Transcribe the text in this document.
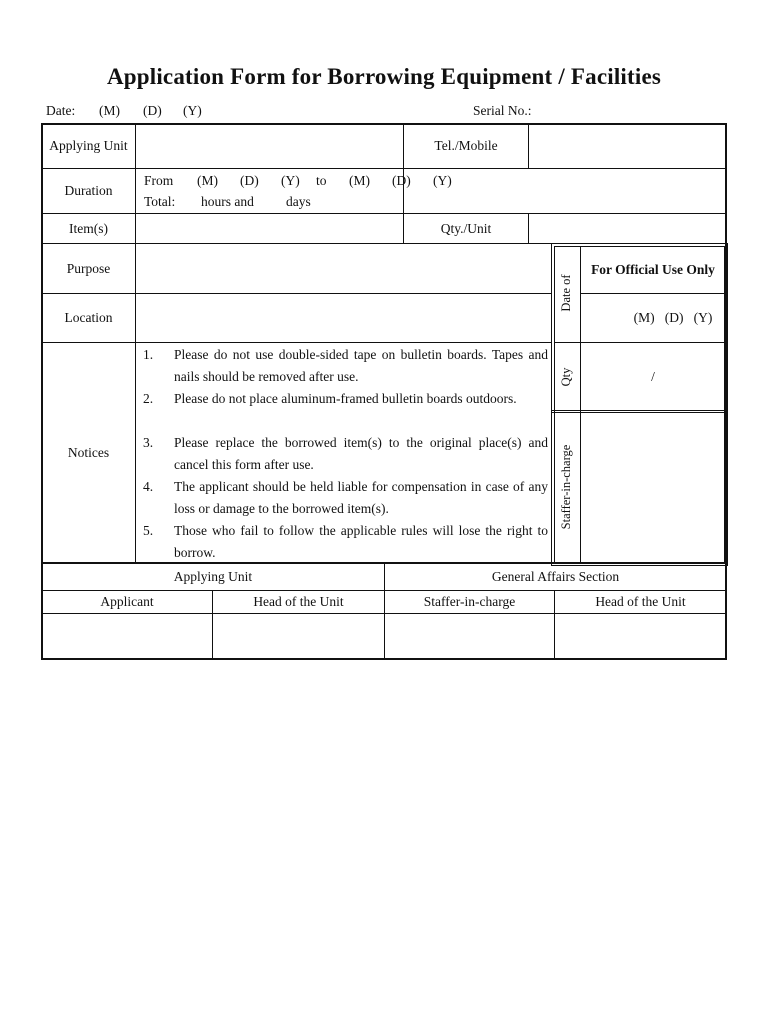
Application Form for Borrowing Equipment / Facilities
Date: (M) (D) (Y)	Serial No.:
Applying Unit	Tel./Mobile
Duration
From (M) (D) (Y) to (M) (D) (Y)
Total: hours and days
Item(s)	Qty./Unit
Purpose
Location
Notices
1. Please do not use double-sided tape on bulletin boards. Tapes and nails should be removed after use.
2. Please do not place aluminum-framed bulletin boards outdoors.
3. Please replace the borrowed item(s) to the original place(s) and cancel this form after use.
4. The applicant should be held liable for compensation in case of any loss or damage to the borrowed item(s).
5. Those who fail to follow the applicable rules will lose the right to borrow.
For Official Use Only
Date of
(M)   (D)   (Y)
Qty	/
Staffer-in-charge
Applying Unit	General Affairs Section
Applicant	Head of the Unit	Staffer-in-charge	Head of the Unit
